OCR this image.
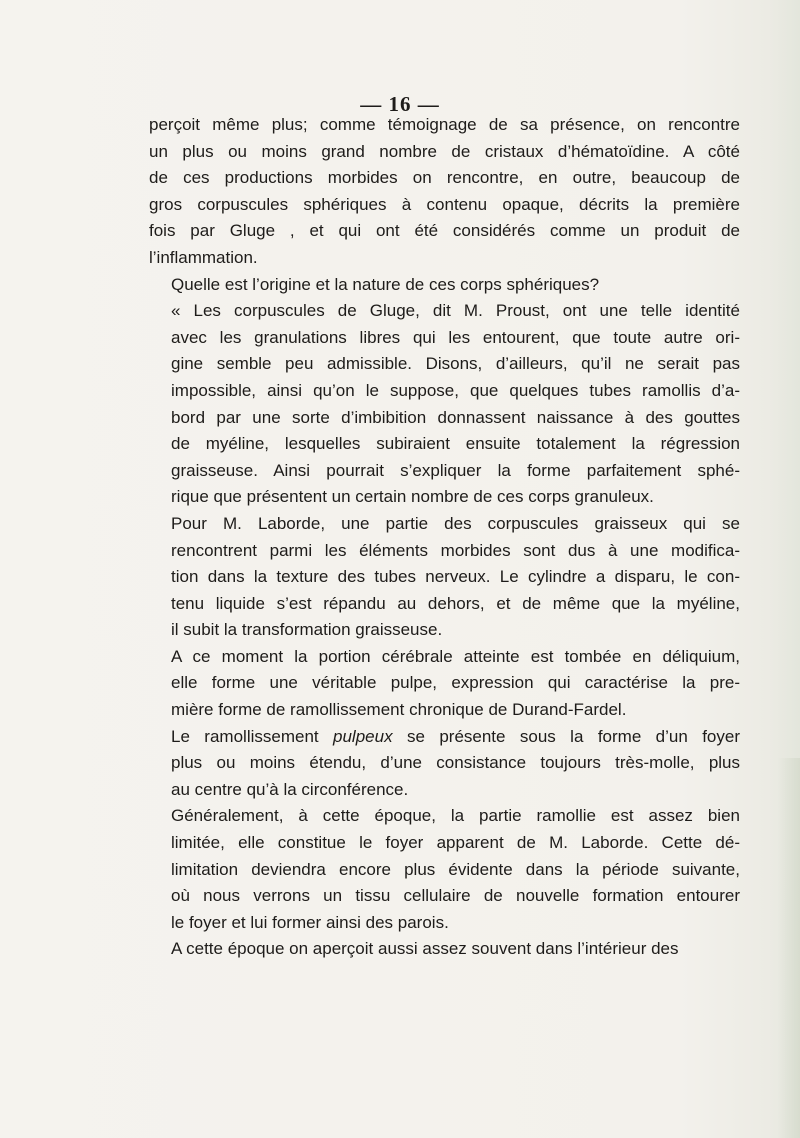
— 16 —

perçoit même plus; comme témoignage de sa présence, on rencontre
un plus ou moins grand nombre de cristaux d’hématoïdine. A côté
de ces productions morbides on rencontre, en outre, beaucoup de
gros corpuscules sphériques à contenu opaque, décrits la première
fois par Gluge , et qui ont été considérés comme un produit de
l’inflammation.

Quelle est l’origine et la nature de ces corps sphériques?

« Les corpuscules de Gluge, dit M. Proust, ont une telle identité
avec les granulations libres qui les entourent, que toute autre ori-
gine semble peu admissible. Disons, d’ailleurs, qu’il ne serait pas
impossible, ainsi qu’on le suppose, que quelques tubes ramollis d’a-
bord par une sorte d’imbibition donnassent naissance à des gouttes
de myéline, lesquelles subiraient ensuite totalement la régression
graisseuse. Ainsi pourrait s’expliquer la forme parfaitement sphé-
rique que présentent un certain nombre de ces corps granuleux.

Pour M. Laborde, une partie des corpuscules graisseux qui se
rencontrent parmi les éléments morbides sont dus à une modifica-
tion dans la texture des tubes nerveux. Le cylindre a disparu, le con-
tenu liquide s’est répandu au dehors, et de même que la myéline,
il subit la transformation graisseuse.

A ce moment la portion cérébrale atteinte est tombée en déliquium,
elle forme une véritable pulpe, expression qui caractérise la pre-
mière forme de ramollissement chronique de Durand-Fardel.

Le ramollissement pulpeux se présente sous la forme d’un foyer
plus ou moins étendu, d’une consistance toujours très-molle, plus
au centre qu’à la circonférence.

Généralement, à cette époque, la partie ramollie est assez bien
limitée, elle constitue le foyer apparent de M. Laborde. Cette dé-
limitation deviendra encore plus évidente dans la période suivante,
où nous verrons un tissu cellulaire de nouvelle formation entourer
le foyer et lui former ainsi des parois.

A cette époque on aperçoit aussi assez souvent dans l’intérieur des
